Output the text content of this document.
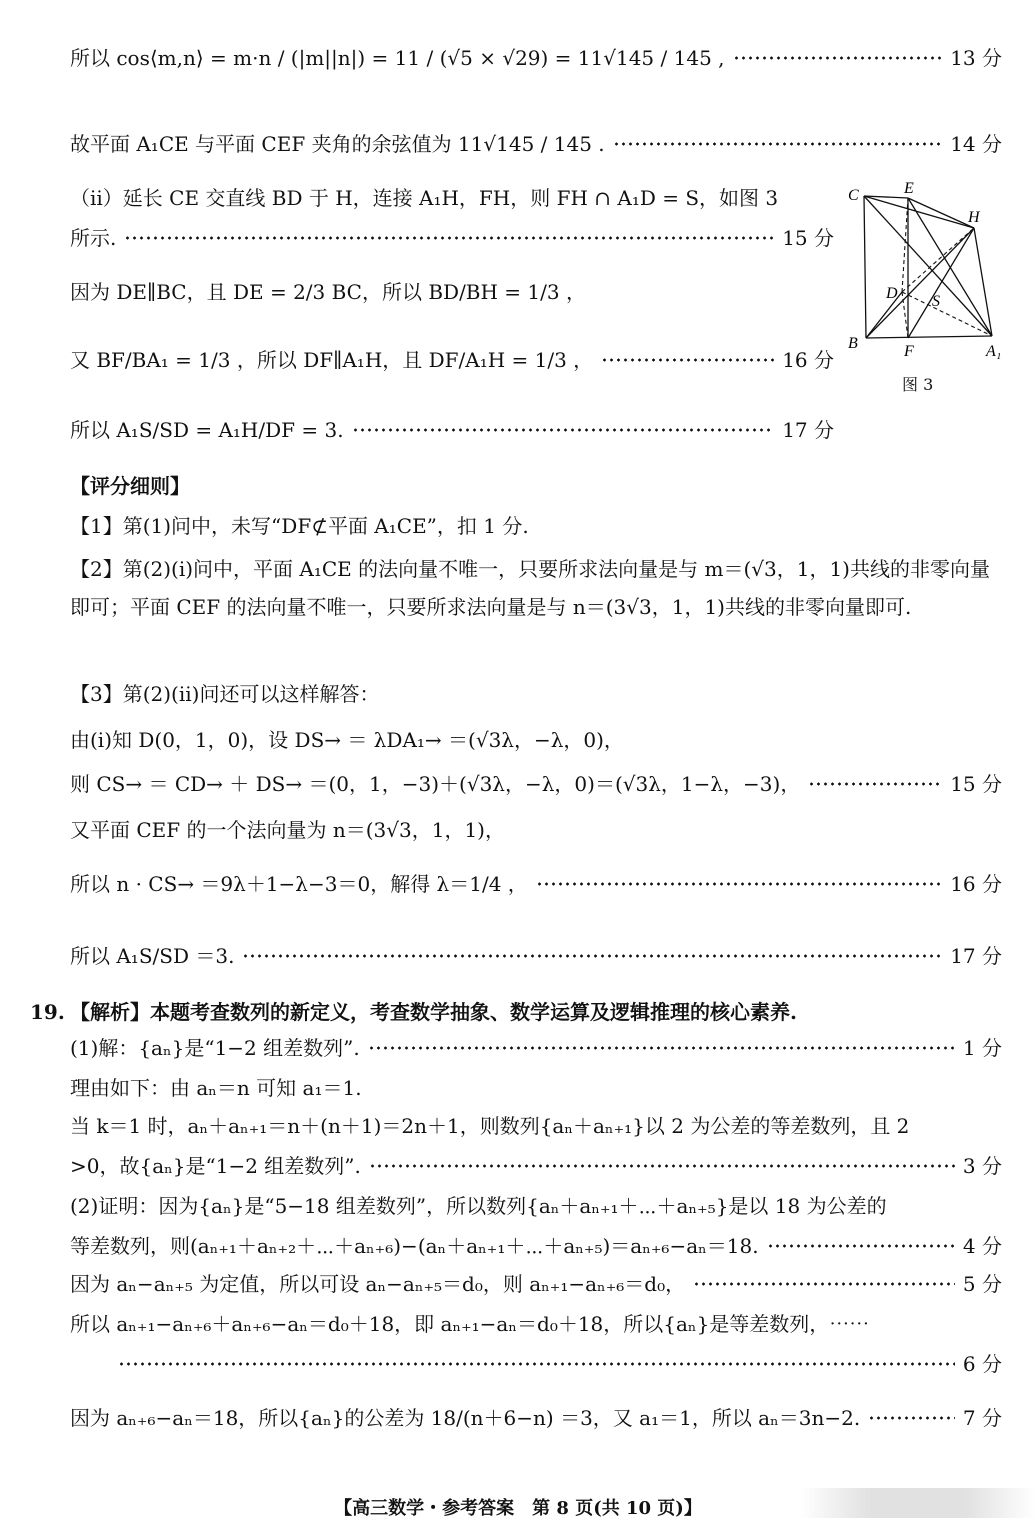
所以 cos⟨m,n⟩ = m·n / (|m||n|) = 11 / (√5 × √29) = 11√145 / 145 ,	13 分
故平面 A₁CE 与平面 CEF 夹角的余弦值为 11√145 / 145 .	14 分
（ⅱ）延长 CE 交直线 BD 于 H，连接 A₁H，FH，则 FH ∩ A₁D = S，如图 3
所示.	15 分
因为 DE∥BC，且 DE = 2/3 BC，所以 BD/BH = 1/3 ，
又 BF/BA₁ = 1/3 ，所以 DF∥A₁H，且 DF/A₁H = 1/3 ，	16 分
所以 A₁S/SD = A₁H/DF = 3.	17 分
C	E
H
D S
B	F	A₁
图 3
【评分细则】
【1】第(1)问中，未写“DF⊄平面 A₁CE”，扣 1 分.
【2】第(2)(ⅰ)问中，平面 A₁CE 的法向量不唯一，只要所求法向量是与 m＝(√3，1，1)共线的非零向量即可；平面 CEF 的法向量不唯一，只要所求法向量是与 n＝(3√3，1，1)共线的非零向量即可.
【3】第(2)(ⅱ)问还可以这样解答：
由(ⅰ)知 D(0，1，0)，设 DS→ ＝ λDA₁→ ＝(√3λ，−λ，0)，
则 CS→ ＝ CD→ ＋ DS→ ＝(0，1，−3)＋(√3λ，−λ，0)＝(√3λ，1−λ，−3)，	15 分
又平面 CEF 的一个法向量为 n＝(3√3，1，1)，
所以 n · CS→ ＝9λ＋1−λ−3＝0，解得 λ＝1/4 ，	16 分
所以 A₁S/SD ＝3.	17 分
19. 【解析】本题考查数列的新定义，考查数学抽象、数学运算及逻辑推理的核心素养.
(1)解：{aₙ}是“1−2 组差数列”.	1 分
理由如下：由 aₙ＝n 可知 a₁＝1.
当 k＝1 时，aₙ＋aₙ₊₁＝n＋(n＋1)＝2n＋1，则数列{aₙ＋aₙ₊₁}以 2 为公差的等差数列，且 2
>0，故{aₙ}是“1−2 组差数列”.	3 分
(2)证明：因为{aₙ}是“5−18 组差数列”，所以数列{aₙ＋aₙ₊₁＋⋯＋aₙ₊₅}是以 18 为公差的
等差数列，则(aₙ₊₁＋aₙ₊₂＋⋯＋aₙ₊₆)−(aₙ＋aₙ₊₁＋⋯＋aₙ₊₅)＝aₙ₊₆−aₙ＝18.	4 分
因为 aₙ−aₙ₊₅ 为定值，所以可设 aₙ−aₙ₊₅＝d₀，则 aₙ₊₁−aₙ₊₆＝d₀，	5 分
所以 aₙ₊₁−aₙ₊₆＋aₙ₊₆−aₙ＝d₀＋18，即 aₙ₊₁−aₙ＝d₀＋18，所以{aₙ}是等差数列，⋯⋯
6 分
因为 aₙ₊₆−aₙ＝18，所以{aₙ}的公差为 18/(n＋6−n) ＝3，又 a₁＝1，所以 aₙ＝3n−2.	7 分
【高三数学・参考答案　第 8 页(共 10 页)】
